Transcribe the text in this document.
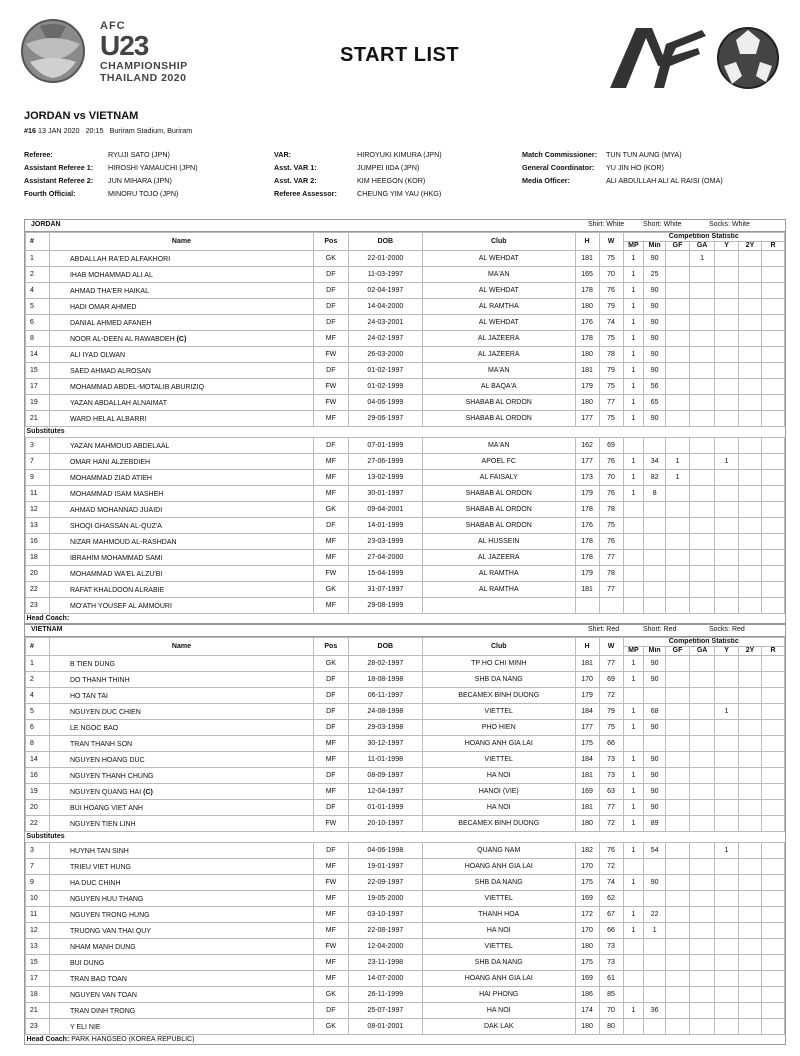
AFC
U23
CHAMPIONSHIP
THAILAND 2020
START LIST
JORDAN vs VIETNAM
#16 13 JAN 2020 20:15 Buriram Stadium, Buriram
Referee:	RYUJI SATO (JPN)	VAR:	HIROYUKI KIMURA (JPN)	Match Commissioner: TUN TUN AUNG (MYA)
Assistant Referee 1: HIROSHI YAMAUCHI (JPN)	Asst. VAR 1:	JUMPEI IIDA (JPN)	General Coordinator: YU JIN HO (KOR)
Assistant Referee 2: JUN MIHARA (JPN)	Asst. VAR 2:	KIM HEEGON (KOR)	Media Officer:	ALI ABDULLAH ALI AL RAISI (OMA)
Fourth Official:	MINORU TOJO (JPN)	Referee Assessor:	CHEUNG YIM YAU (HKG)
JORDAN	Shirt: White	Short: White	Socks: White
#	Name	Pos	DOB	Club	H	W	Competition Statistic						
							MP	Min	GF	GA	Y	2Y	R
1	ABDALLAH RA'ED ALFAKHORI	GK	22-01-2000	AL WEHDAT	181	75	1	90		1			
2	IHAB MOHAMMAD ALI AL	DF	11-03-1997	MA'AN	165	70	1	25					
4	AHMAD THA'ER HAIKAL	DF	02-04-1997	AL WEHDAT	178	76	1	90					
5	HADI OMAR AHMED	DF	14-04-2000	AL RAMTHA	180	79	1	90					
6	DANIAL AHMED AFANEH	DF	24-03-2001	AL WEHDAT	176	74	1	90					
8	NOOR AL-DEEN AL RAWABDEH (C)	MF	24-02-1997	AL JAZEERA	178	75	1	90					
14	ALI IYAD OLWAN	FW	26-03-2000	AL JAZEERA	180	78	1	90					
15	SAED AHMAD ALROSAN	DF	01-02-1997	MA'AN	181	79	1	90					
17	MOHAMMAD ABDEL-MOTALIB ABURIZIQ	FW	01-02-1999	AL BAQA'A	179	75	1	56					
19	YAZAN ABDALLAH ALNAIMAT	FW	04-06-1999	SHABAB AL ORDON	180	77	1	65					
21	WARD HELAL ALBARRI	MF	29-06-1997	SHABAB AL ORDON	177	75	1	90					
Substitutes													
3	YAZAN MAHMOUD ABDELAAL	DF	07-01-1999	MA'AN	162	69							
7	OMAR HANI ALZEBDIEH	MF	27-06-1999	APOEL FC	177	76	1	34	1		1		
9	MOHAMMAD ZIAD ATIEH	MF	13-02-1999	AL FAISALY	173	70	1	82	1				
11	MOHAMMAD ISAM MASHEH	MF	30-01-1997	SHABAB AL ORDON	179	76	1	8					
12	AHMAD MOHANNAD JUAIDI	GK	09-04-2001	SHABAB AL ORDON	178	78							
13	SHOQI GHASSAN AL-QUZ'A	DF	14-01-1999	SHABAB AL ORDON	176	75							
16	NIZAR MAHMOUD AL-RASHDAN	MF	23-03-1999	AL HUSSEIN	178	76							
18	IBRAHIM MOHAMMAD SAMI	MF	27-04-2000	AL JAZEERA	178	77							
20	MOHAMMAD WA'EL ALZU'BI	FW	15-04-1999	AL RAMTHA	179	78							
22	RAFAT KHALDOON ALRABIE	GK	31-07-1997	AL RAMTHA	181	77							
23	MO'ATH YOUSEF AL AMMOURI	MF	29-08-1999										
Head Coach:													
VIETNAM	Shirt: Red	Short: Red	Socks: Red
#	Name	Pos	DOB	Club	H	W	Competition Statistic						
							MP	Min	GF	GA	Y	2Y	R
1	B TIEN DUNG	GK	28-02-1997	TP HO CHI MINH	181	77	1	90					
2	DO THANH THINH	DF	18-08-1998	SHB DA NANG	170	69	1	90					
4	HO TAN TAI	DF	06-11-1997	BECAMEX BINH DUONG	179	72							
5	NGUYEN DUC CHIEN	DF	24-08-1998	VIETTEL	184	79	1	68			1		
6	LE NGOC BAO	DF	29-03-1998	PHO HIEN	177	75	1	90					
8	TRAN THANH SON	MF	30-12-1997	HOANG ANH GIA LAI	175	66							
14	NGUYEN HOANG DUC	MF	11-01-1998	VIETTEL	184	73	1	90					
16	NGUYEN THANH CHUNG	DF	08-09-1997	HA NOI	181	73	1	90					
19	NGUYEN QUANG HAI (C)	MF	12-04-1997	HANOI (VIE)	169	63	1	90					
20	BUI HOANG VIET ANH	DF	01-01-1999	HA NOI	181	77	1	90					
22	NGUYEN TIEN LINH	FW	20-10-1997	BECAMEX BINH DUONG	180	72	1	89					
Substitutes													
3	HUYNH TAN SINH	DF	04-06-1998	QUANG NAM	182	76	1	54			1		
7	TRIEU VIET HUNG	MF	19-01-1997	HOANG ANH GIA LAI	170	72							
9	HA DUC CHINH	FW	22-09-1997	SHB DA NANG	175	74	1	90					
10	NGUYEN HUU THANG	MF	19-05-2000	VIETTEL	169	62							
11	NGUYEN TRONG HUNG	MF	03-10-1997	THANH HOA	172	67	1	22					
12	TRUONG VAN THAI QUY	MF	22-08-1997	HA NOI	170	66	1	1					
13	NHAM MANH DUNG	FW	12-04-2000	VIETTEL	180	73							
15	BUI DUNG	MF	23-11-1998	SHB DA NANG	175	73							
17	TRAN BAO TOAN	MF	14-07-2000	HOANG ANH GIA LAI	169	61							
18	NGUYEN VAN TOAN	GK	26-11-1999	HAI PHONG	186	85							
21	TRAN DINH TRONG	DF	25-07-1997	HA NOI	174	70	1	36					
23	Y ELI NIE	GK	08-01-2001	DAK LAK	180	80							
Head Coach: PARK HANGSEO (KOREA REPUBLIC)													
